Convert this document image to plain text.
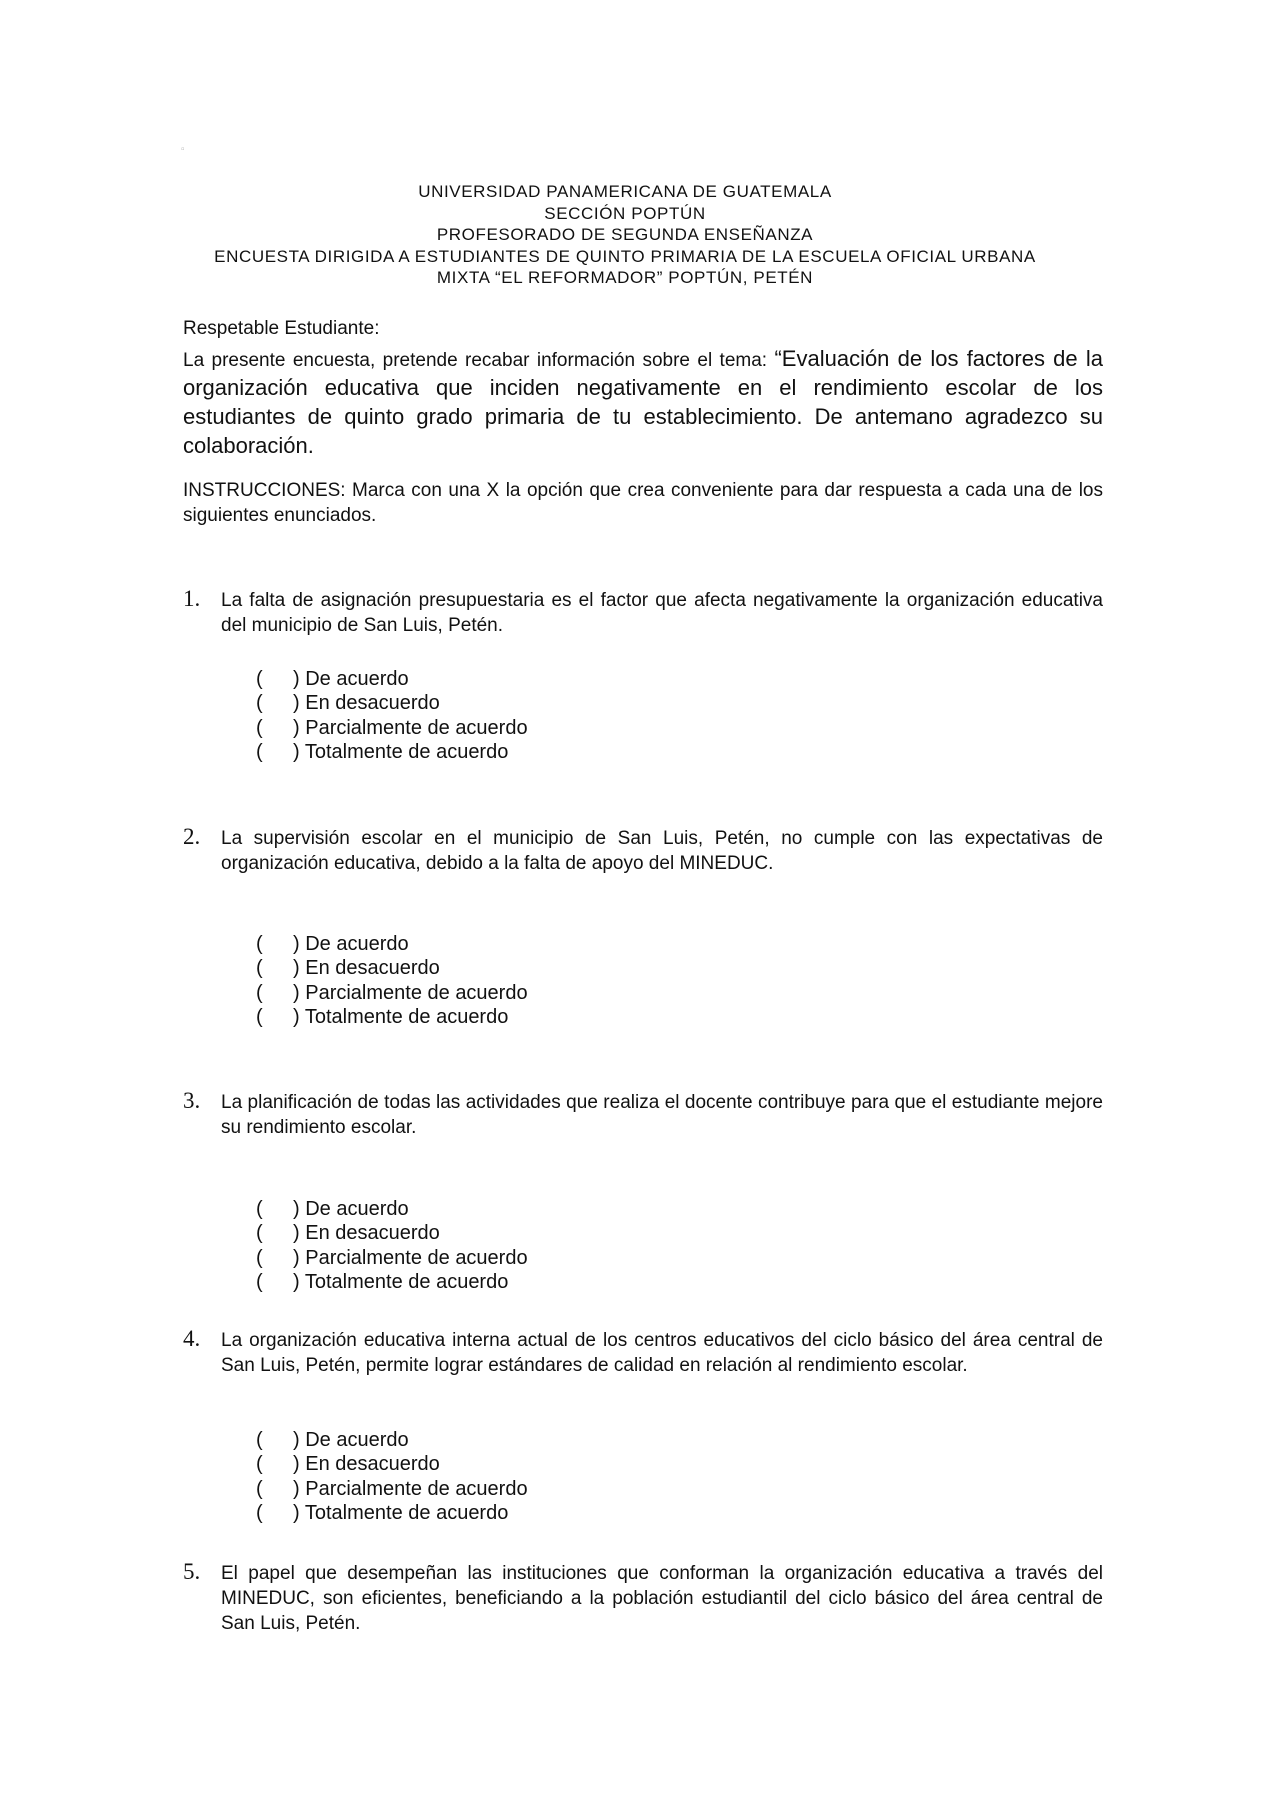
▫
UNIVERSIDAD PANAMERICANA DE GUATEMALA
SECCIÓN POPTÚN
PROFESORADO DE SEGUNDA ENSEÑANZA
ENCUESTA DIRIGIDA A ESTUDIANTES DE QUINTO PRIMARIA DE LA ESCUELA OFICIAL URBANA
MIXTA “EL REFORMADOR” POPTÚN, PETÉN
Respetable Estudiante:
La presente encuesta, pretende recabar información sobre el tema: “Evaluación de los factores de la organización educativa que inciden negativamente en el rendimiento escolar de los estudiantes de quinto grado primaria de tu establecimiento. De antemano agradezco su colaboración.
INSTRUCCIONES: Marca con una X la opción que crea conveniente para dar respuesta a cada una de los siguientes enunciados.
1. La falta de asignación presupuestaria es el factor que afecta negativamente la organización educativa del municipio de San Luis, Petén.
( ) De acuerdo
( ) En desacuerdo
( ) Parcialmente de acuerdo
( ) Totalmente de acuerdo
2. La supervisión escolar en el municipio de San Luis, Petén, no cumple con las expectativas de organización educativa, debido a la falta de apoyo del MINEDUC.
( ) De acuerdo
( ) En desacuerdo
( ) Parcialmente de acuerdo
( ) Totalmente de acuerdo
3. La planificación de todas las actividades que realiza el docente contribuye para que el estudiante mejore su rendimiento escolar.
( ) De acuerdo
( ) En desacuerdo
( ) Parcialmente de acuerdo
( ) Totalmente de acuerdo
4. La organización educativa interna actual de los centros educativos del ciclo básico del área central de San Luis, Petén, permite lograr estándares de calidad en relación al rendimiento escolar.
( ) De acuerdo
( ) En desacuerdo
( ) Parcialmente de acuerdo
( ) Totalmente de acuerdo
5. El papel que desempeñan las instituciones que conforman la organización educativa a través del MINEDUC, son eficientes, beneficiando a la población estudiantil del ciclo básico del área central de San Luis, Petén.
